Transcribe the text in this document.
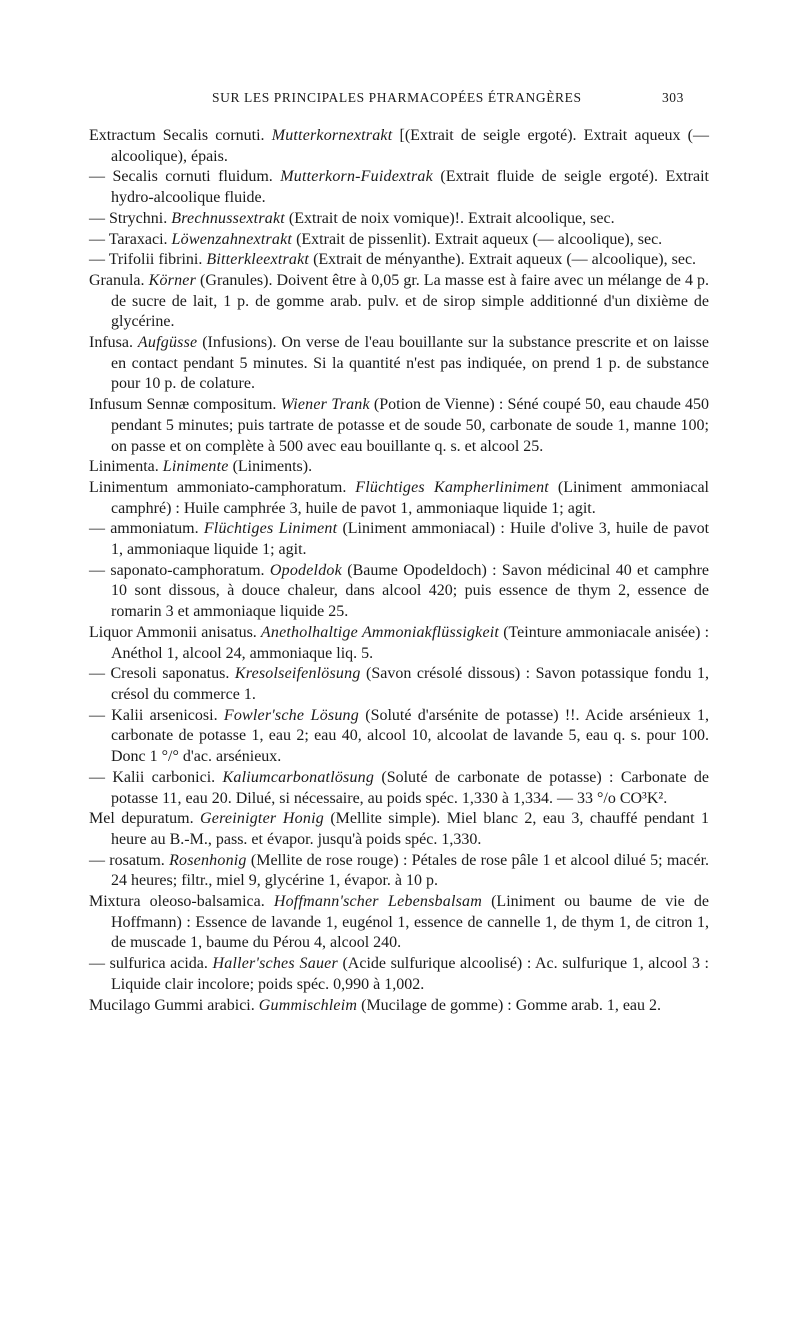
SUR LES PRINCIPALES PHARMACOPÉES ÉTRANGÈRES	303

Extractum Secalis cornuti. Mutterkornextrakt [(Extrait de seigle ergoté). Extrait aqueux (— alcoolique), épais.

— Secalis cornuti fluidum. Mutterkorn-Fuidextrak (Extrait fluide de seigle ergoté). Extrait hydro-alcoolique fluide.

— Strychni. Brechnussextrakt (Extrait de noix vomique)!. Extrait alcoolique, sec.

— Taraxaci. Löwenzahnextrakt (Extrait de pissenlit). Extrait aqueux (— alcoolique), sec.

— Trifolii fibrini. Bitterkleextrakt (Extrait de ményanthe). Extrait aqueux (— alcoolique), sec.

Granula. Körner (Granules). Doivent être à 0,05 gr. La masse est à faire avec un mélange de 4 p. de sucre de lait, 1 p. de gomme arab. pulv. et de sirop simple additionné d'un dixième de glycérine.

Infusa. Aufgüsse (Infusions). On verse de l'eau bouillante sur la substance prescrite et on laisse en contact pendant 5 minutes. Si la quantité n'est pas indiquée, on prend 1 p. de substance pour 10 p. de colature.

Infusum Sennæ compositum. Wiener Trank (Potion de Vienne) : Séné coupé 50, eau chaude 450 pendant 5 minutes; puis tartrate de potasse et de soude 50, carbonate de soude 1, manne 100; on passe et on complète à 500 avec eau bouillante q. s. et alcool 25.

Linimenta. Linimente (Liniments).

Linimentum ammoniato-camphoratum. Flüchtiges Kampherliniment (Liniment ammoniacal camphré) : Huile camphrée 3, huile de pavot 1, ammoniaque liquide 1; agit.

— ammoniatum. Flüchtiges Liniment (Liniment ammoniacal) : Huile d'olive 3, huile de pavot 1, ammoniaque liquide 1; agit.

— saponato-camphoratum. Opodeldok (Baume Opodeldoch) : Savon médicinal 40 et camphre 10 sont dissous, à douce chaleur, dans alcool 420; puis essence de thym 2, essence de romarin 3 et ammoniaque liquide 25.

Liquor Ammonii anisatus. Anetholhaltige Ammoniakflüssigkeit (Teinture ammoniacale anisée) : Anéthol 1, alcool 24, ammoniaque liq. 5.

— Cresoli saponatus. Kresolseifenlösung (Savon crésolé dissous) : Savon potassique fondu 1, crésol du commerce 1.

— Kalii arsenicosi. Fowler'sche Lösung (Soluté d'arsénite de potasse) !!. Acide arsénieux 1, carbonate de potasse 1, eau 2; eau 40, alcool 10, alcoolat de lavande 5, eau q. s. pour 100. Donc 1 °/° d'ac. arsénieux.

— Kalii carbonici. Kaliumcarbonatlösung (Soluté de carbonate de potasse) : Carbonate de potasse 11, eau 20. Dilué, si nécessaire, au poids spéc. 1,330 à 1,334. — 33 °/o CO³K².

Mel depuratum. Gereinigter Honig (Mellite simple). Miel blanc 2, eau 3, chauffé pendant 1 heure au B.-M., pass. et évapor. jusqu'à poids spéc. 1,330.

— rosatum. Rosenhonig (Mellite de rose rouge) : Pétales de rose pâle 1 et alcool dilué 5; macér. 24 heures; filtr., miel 9, glycérine 1, évapor. à 10 p.

Mixtura oleoso-balsamica. Hoffmann'scher Lebensbalsam (Liniment ou baume de vie de Hoffmann) : Essence de lavande 1, eugénol 1, essence de cannelle 1, de thym 1, de citron 1, de muscade 1, baume du Pérou 4, alcool 240.

— sulfurica acida. Haller'sches Sauer (Acide sulfurique alcoolisé) : Ac. sulfurique 1, alcool 3 : Liquide clair incolore; poids spéc. 0,990 à 1,002.

Mucilago Gummi arabici. Gummischleim (Mucilage de gomme) : Gomme arab. 1, eau 2.
